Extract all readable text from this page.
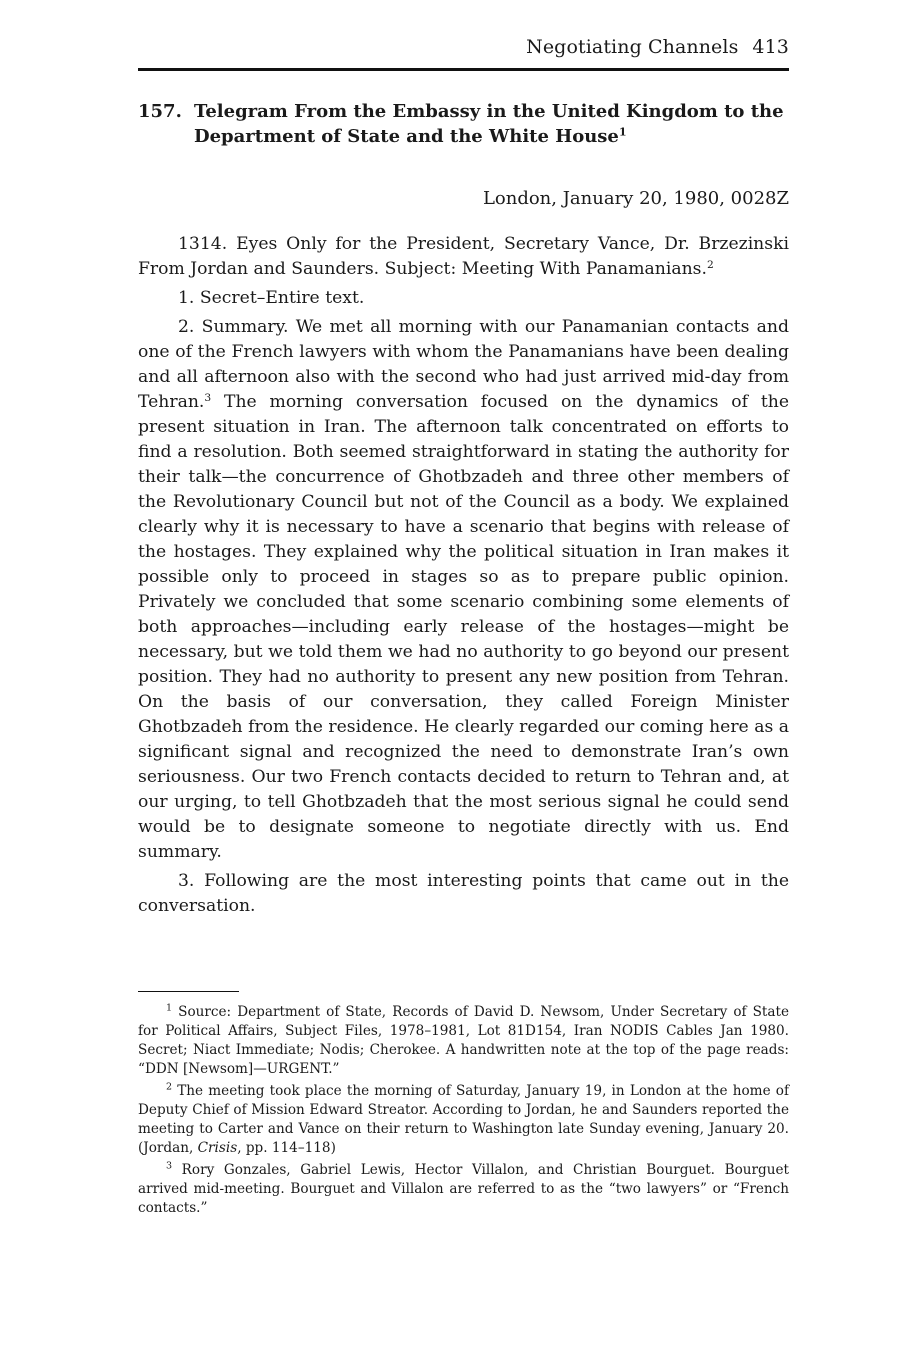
Negotiating Channels 413
157. Telegram From the Embassy in the United Kingdom to the Department of State and the White House$^1$
London, January 20, 1980, 0028Z

1314. Eyes Only for the President, Secretary Vance, Dr. Brzezinski From Jordan and Saunders. Subject: Meeting With Panamanians.$^2$

1. Secret–Entire text.

2. Summary. We met all morning with our Panamanian contacts and one of the French lawyers with whom the Panamanians have been dealing and all afternoon also with the second who had just arrived mid-day from Tehran.$^3$ The morning conversation focused on the dynamics of the present situation in Iran. The afternoon talk concentrated on efforts to find a resolution. Both seemed straightforward in stating the authority for their talk—the concurrence of Ghotbzadeh and three other members of the Revolutionary Council but not of the Council as a body. We explained clearly why it is necessary to have a scenario that begins with release of the hostages. They explained why the political situation in Iran makes it possible only to proceed in stages so as to prepare public opinion. Privately we concluded that some scenario combining some elements of both approaches—including early release of the hostages—might be necessary, but we told them we had no authority to go beyond our present position. They had no authority to present any new position from Tehran. On the basis of our conversation, they called Foreign Minister Ghotbzadeh from the residence. He clearly regarded our coming here as a significant signal and recognized the need to demonstrate Iran’s own seriousness. Our two French contacts decided to return to Tehran and, at our urging, to tell Ghotbzadeh that the most serious signal he could send would be to designate someone to negotiate directly with us. End summary.

3. Following are the most interesting points that came out in the conversation.

$^1$ Source: Department of State, Records of David D. Newsom, Under Secretary of State for Political Affairs, Subject Files, 1978–1981, Lot 81D154, Iran NODIS Cables Jan 1980. Secret; Niact Immediate; Nodis; Cherokee. A handwritten note at the top of the page reads: “DDN [Newsom]—URGENT.”

$^2$ The meeting took place the morning of Saturday, January 19, in London at the home of Deputy Chief of Mission Edward Streator. According to Jordan, he and Saunders reported the meeting to Carter and Vance on their return to Washington late Sunday evening, January 20. (Jordan, Crisis, pp. 114–118)

$^3$ Rory Gonzales, Gabriel Lewis, Hector Villalon, and Christian Bourguet. Bourguet arrived mid-meeting. Bourguet and Villalon are referred to as the “two lawyers” or “French contacts.”
